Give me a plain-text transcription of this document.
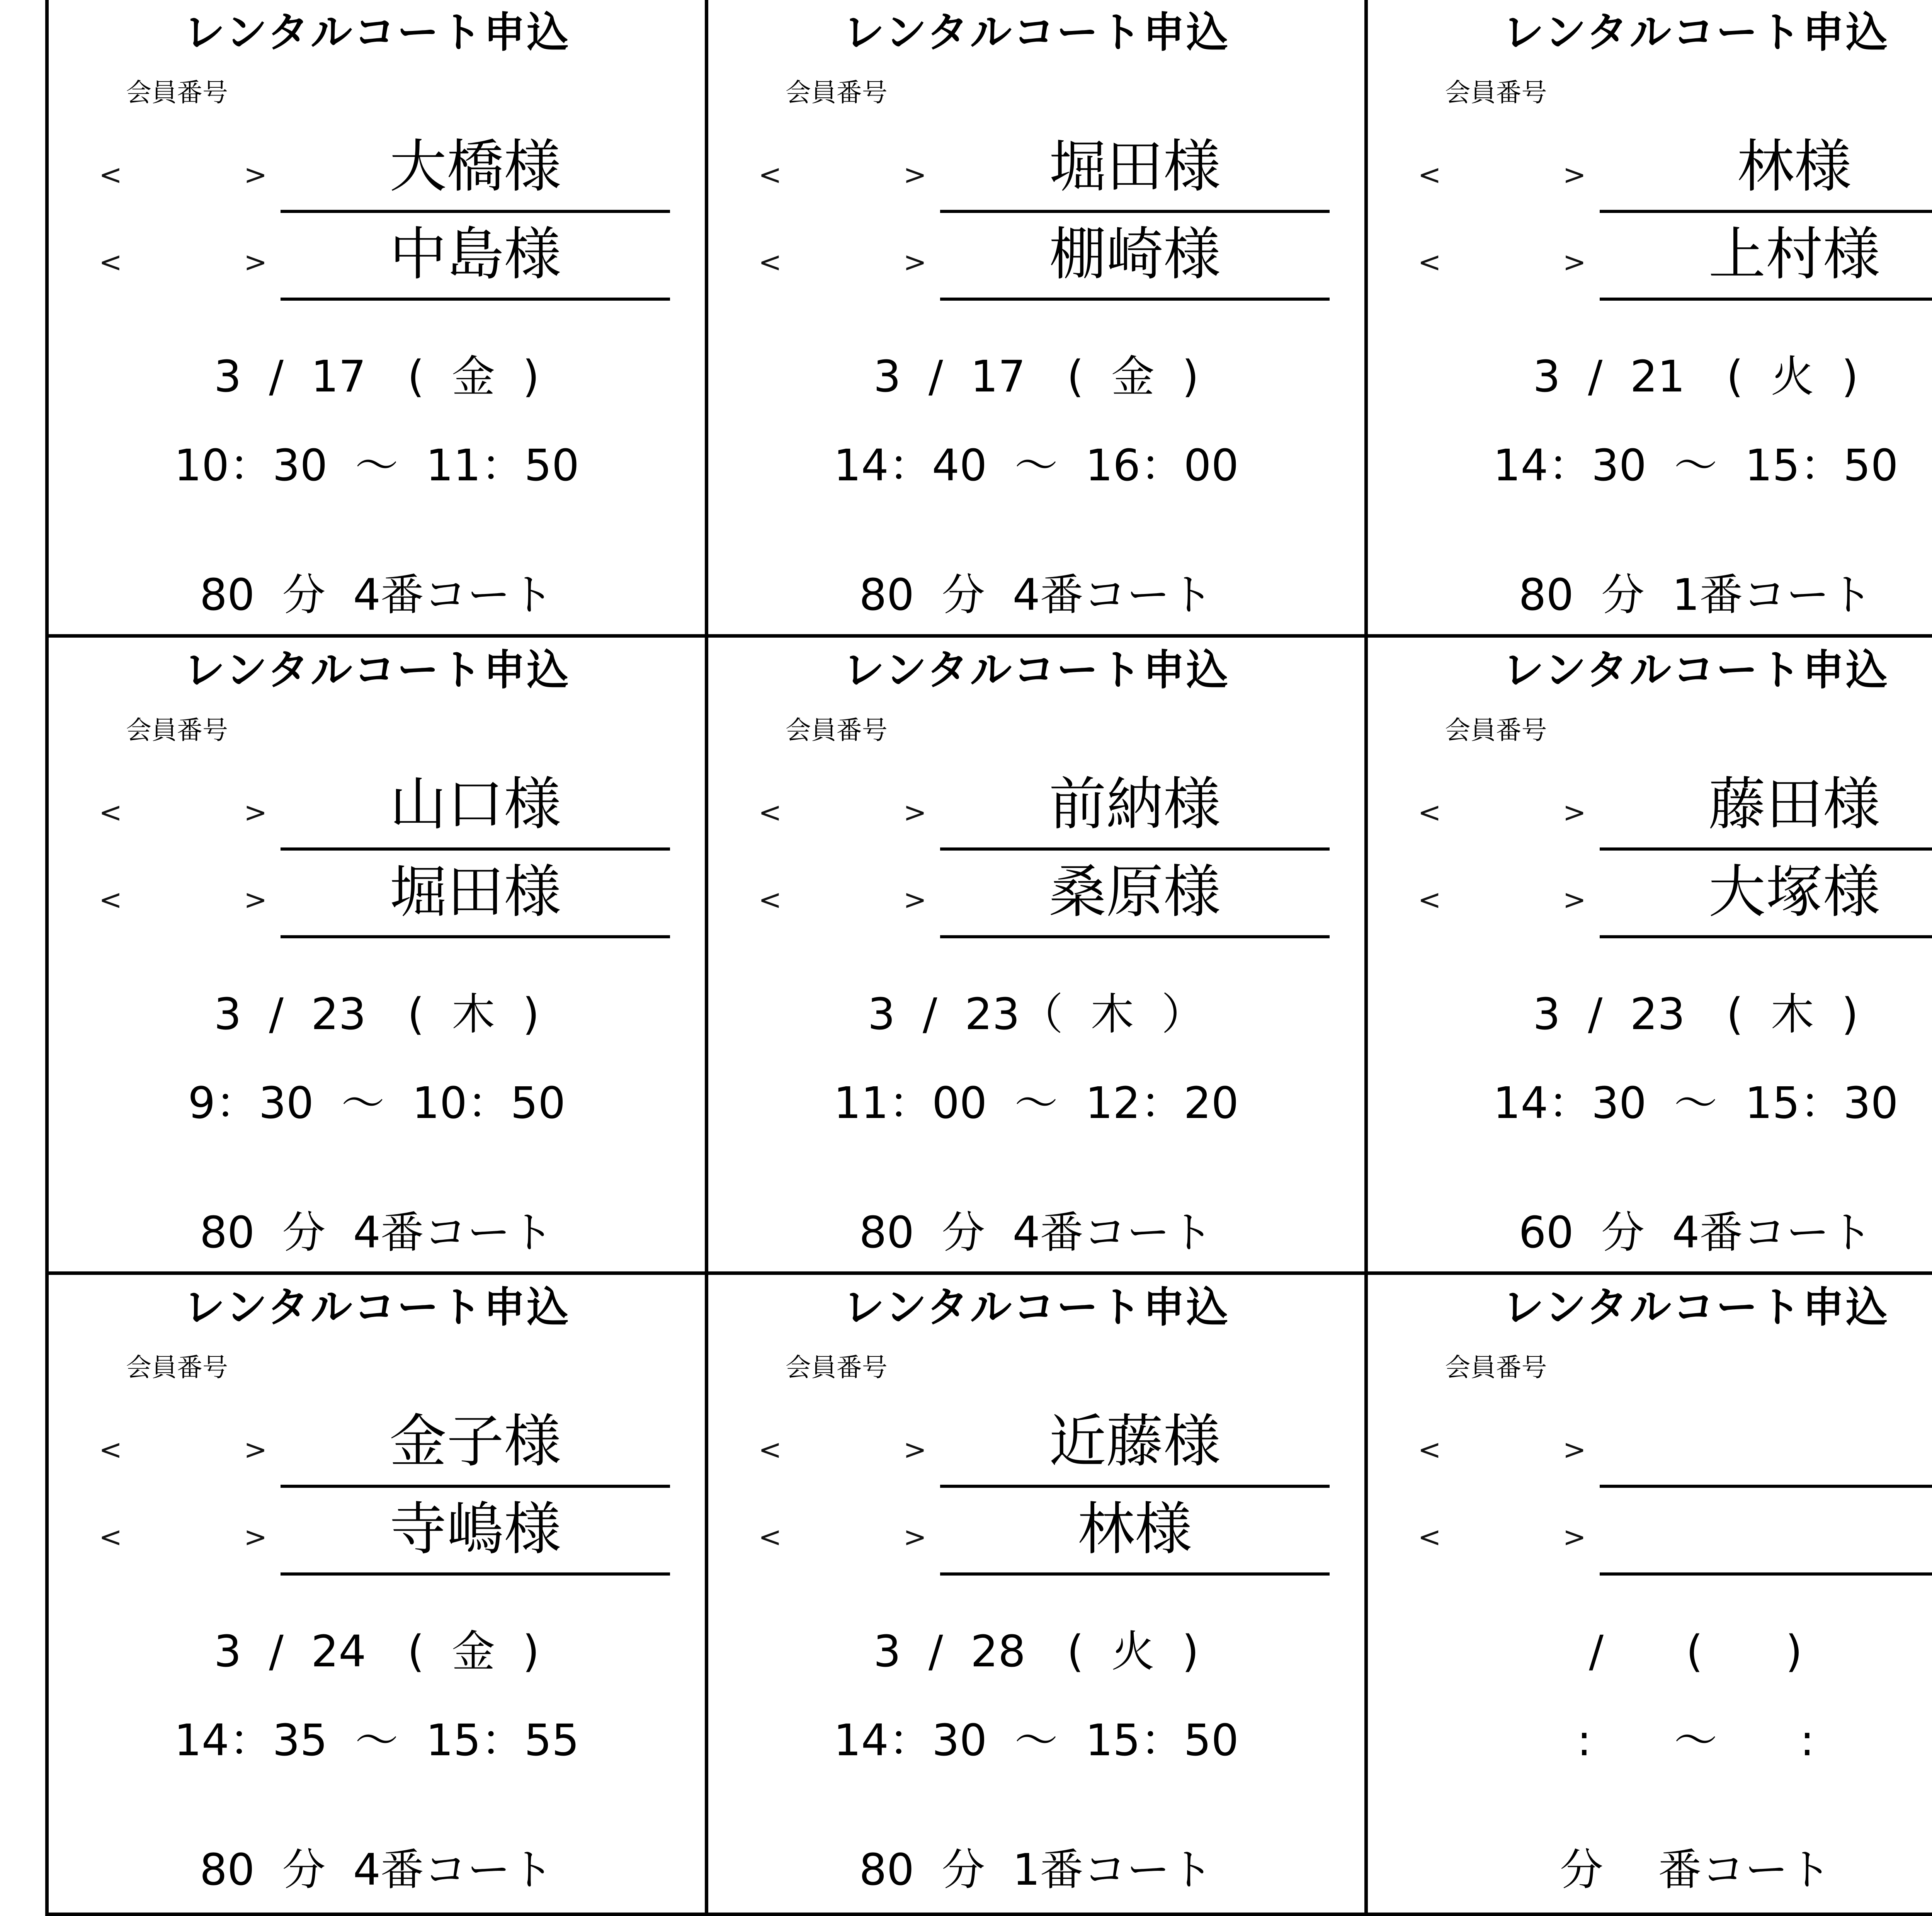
レンタルコート申込
会員番号
<	>	大橋様
<	>	中島様
3  /  17   (  金  )
10：30  ～  11：50
80  分  4番コート
レンタルコート申込
会員番号
<	>	堀田様
<	>	棚崎様
3  /  17   (  金  )
14：40  ～  16：00
80  分  4番コート
レンタルコート申込
会員番号
<	>	林様
<	>	上村様
3  /  21   (  火  )
14：30  ～  15：50
80  分  1番コート
レンタルコート申込
会員番号
<	>	山口様
<	>	堀田様
3  /  23   (  木  )
9：30  ～  10：50
80  分  4番コート
レンタルコート申込
会員番号
<	>	前納様
<	>	桑原様
3  /  23（  木  ）
11：00  ～  12：20
80  分  4番コート
レンタルコート申込
会員番号
<	>	藤田様
<	>	大塚様
3  /  23   (  木  )
14：30  ～  15：30
60  分  4番コート
レンタルコート申込
会員番号
<	>	金子様
<	>	寺嶋様
3  /  24   (  金  )
14：35  ～  15：55
80  分  4番コート
レンタルコート申込
会員番号
<	>	近藤様
<	>	林様
3  /  28   (  火  )
14：30  ～  15：50
80  分  1番コート
レンタルコート申込
会員番号
<	>
<	>
/      (      )
:      ～      :
分    番コート
